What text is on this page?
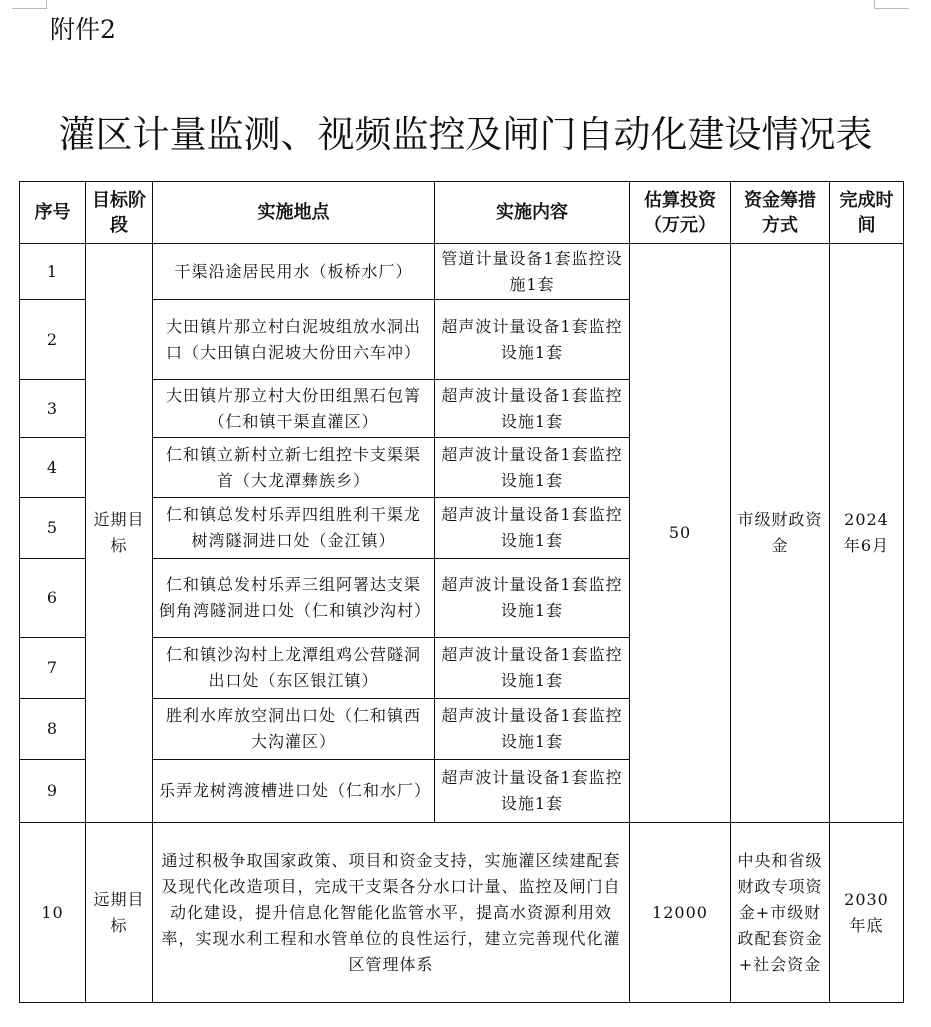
附件2
灌区计量监测、视频监控及闸门自动化建设情况表
序号	目标阶段	实施地点	实施内容	估算投资（万元）	资金筹措方式	完成时间
1	近期目标	干渠沿途居民用水（板桥水厂）	管道计量设备1套监控设施1套	50	市级财政资金	2024年6月
2		大田镇片那立村白泥坡组放水洞出口（大田镇白泥坡大份田六车冲）	超声波计量设备1套监控设施1套			
3		大田镇片那立村大份田组黑石包箐（仁和镇干渠直灌区）	超声波计量设备1套监控设施1套			
4		仁和镇立新村立新七组控卡支渠渠首（大龙潭彝族乡）	超声波计量设备1套监控设施1套			
5		仁和镇总发村乐弄四组胜利干渠龙树湾隧洞进口处（金江镇）	超声波计量设备1套监控设施1套			
6		仁和镇总发村乐弄三组阿署达支渠倒角湾隧洞进口处（仁和镇沙沟村）	超声波计量设备1套监控设施1套			
7		仁和镇沙沟村上龙潭组鸡公营隧洞出口处（东区银江镇）	超声波计量设备1套监控设施1套			
8		胜利水库放空洞出口处（仁和镇西大沟灌区）	超声波计量设备1套监控设施1套			
9		乐弄龙树湾渡槽进口处（仁和水厂）	超声波计量设备1套监控设施1套			
10	远期目标	通过积极争取国家政策、项目和资金支持，实施灌区续建配套及现代化改造项目，完成干支渠各分水口计量、监控及闸门自动化建设，提升信息化智能化监管水平，提高水资源利用效率，实现水利工程和水管单位的良性运行，建立完善现代化灌区管理体系		12000	中央和省级财政专项资金+市级财政配套资金+社会资金	2030年底
